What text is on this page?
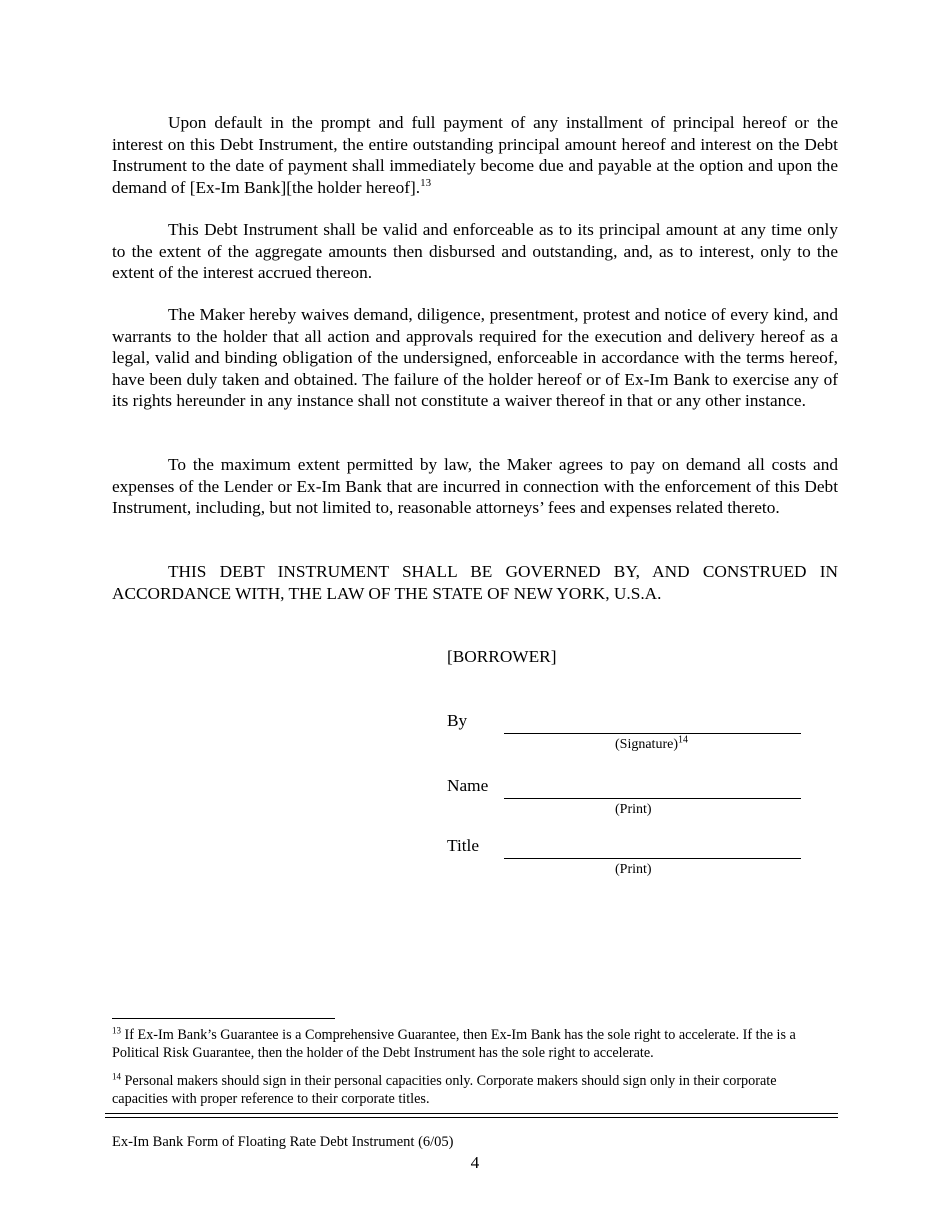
Upon default in the prompt and full payment of any installment of principal hereof or the interest on this Debt Instrument, the entire outstanding principal amount hereof and interest on the Debt Instrument to the date of payment shall immediately become due and payable at the option and upon the demand of [Ex-Im Bank][the holder hereof].$^{13}$

This Debt Instrument shall be valid and enforceable as to its principal amount at any time only to the extent of the aggregate amounts then disbursed and outstanding, and, as to interest, only to the extent of the interest accrued thereon.

The Maker hereby waives demand, diligence, presentment, protest and notice of every kind, and warrants to the holder that all action and approvals required for the execution and delivery hereof as a legal, valid and binding obligation of the undersigned, enforceable in accordance with the terms hereof, have been duly taken and obtained. The failure of the holder hereof or of Ex-Im Bank to exercise any of its rights hereunder in any instance shall not constitute a waiver thereof in that or any other instance.

To the maximum extent permitted by law, the Maker agrees to pay on demand all costs and expenses of the Lender or Ex-Im Bank that are incurred in connection with the enforcement of this Debt Instrument, including, but not limited to, reasonable attorneys’ fees and expenses related thereto.

THIS DEBT INSTRUMENT SHALL BE GOVERNED BY, AND CONSTRUED IN ACCORDANCE WITH, THE LAW OF THE STATE OF NEW YORK, U.S.A.

[BORROWER]
By
(Signature)$^{14}$
Name
(Print)
Title
(Print)

$^{13}$ If Ex-Im Bank’s Guarantee is a Comprehensive Guarantee, then Ex-Im Bank has the sole right to accelerate. If the is a Political Risk Guarantee, then the holder of the Debt Instrument has the sole right to accelerate.

$^{14}$ Personal makers should sign in their personal capacities only. Corporate makers should sign only in their corporate capacities with proper reference to their corporate titles.

Ex-Im Bank Form of Floating Rate Debt Instrument (6/05)
4
